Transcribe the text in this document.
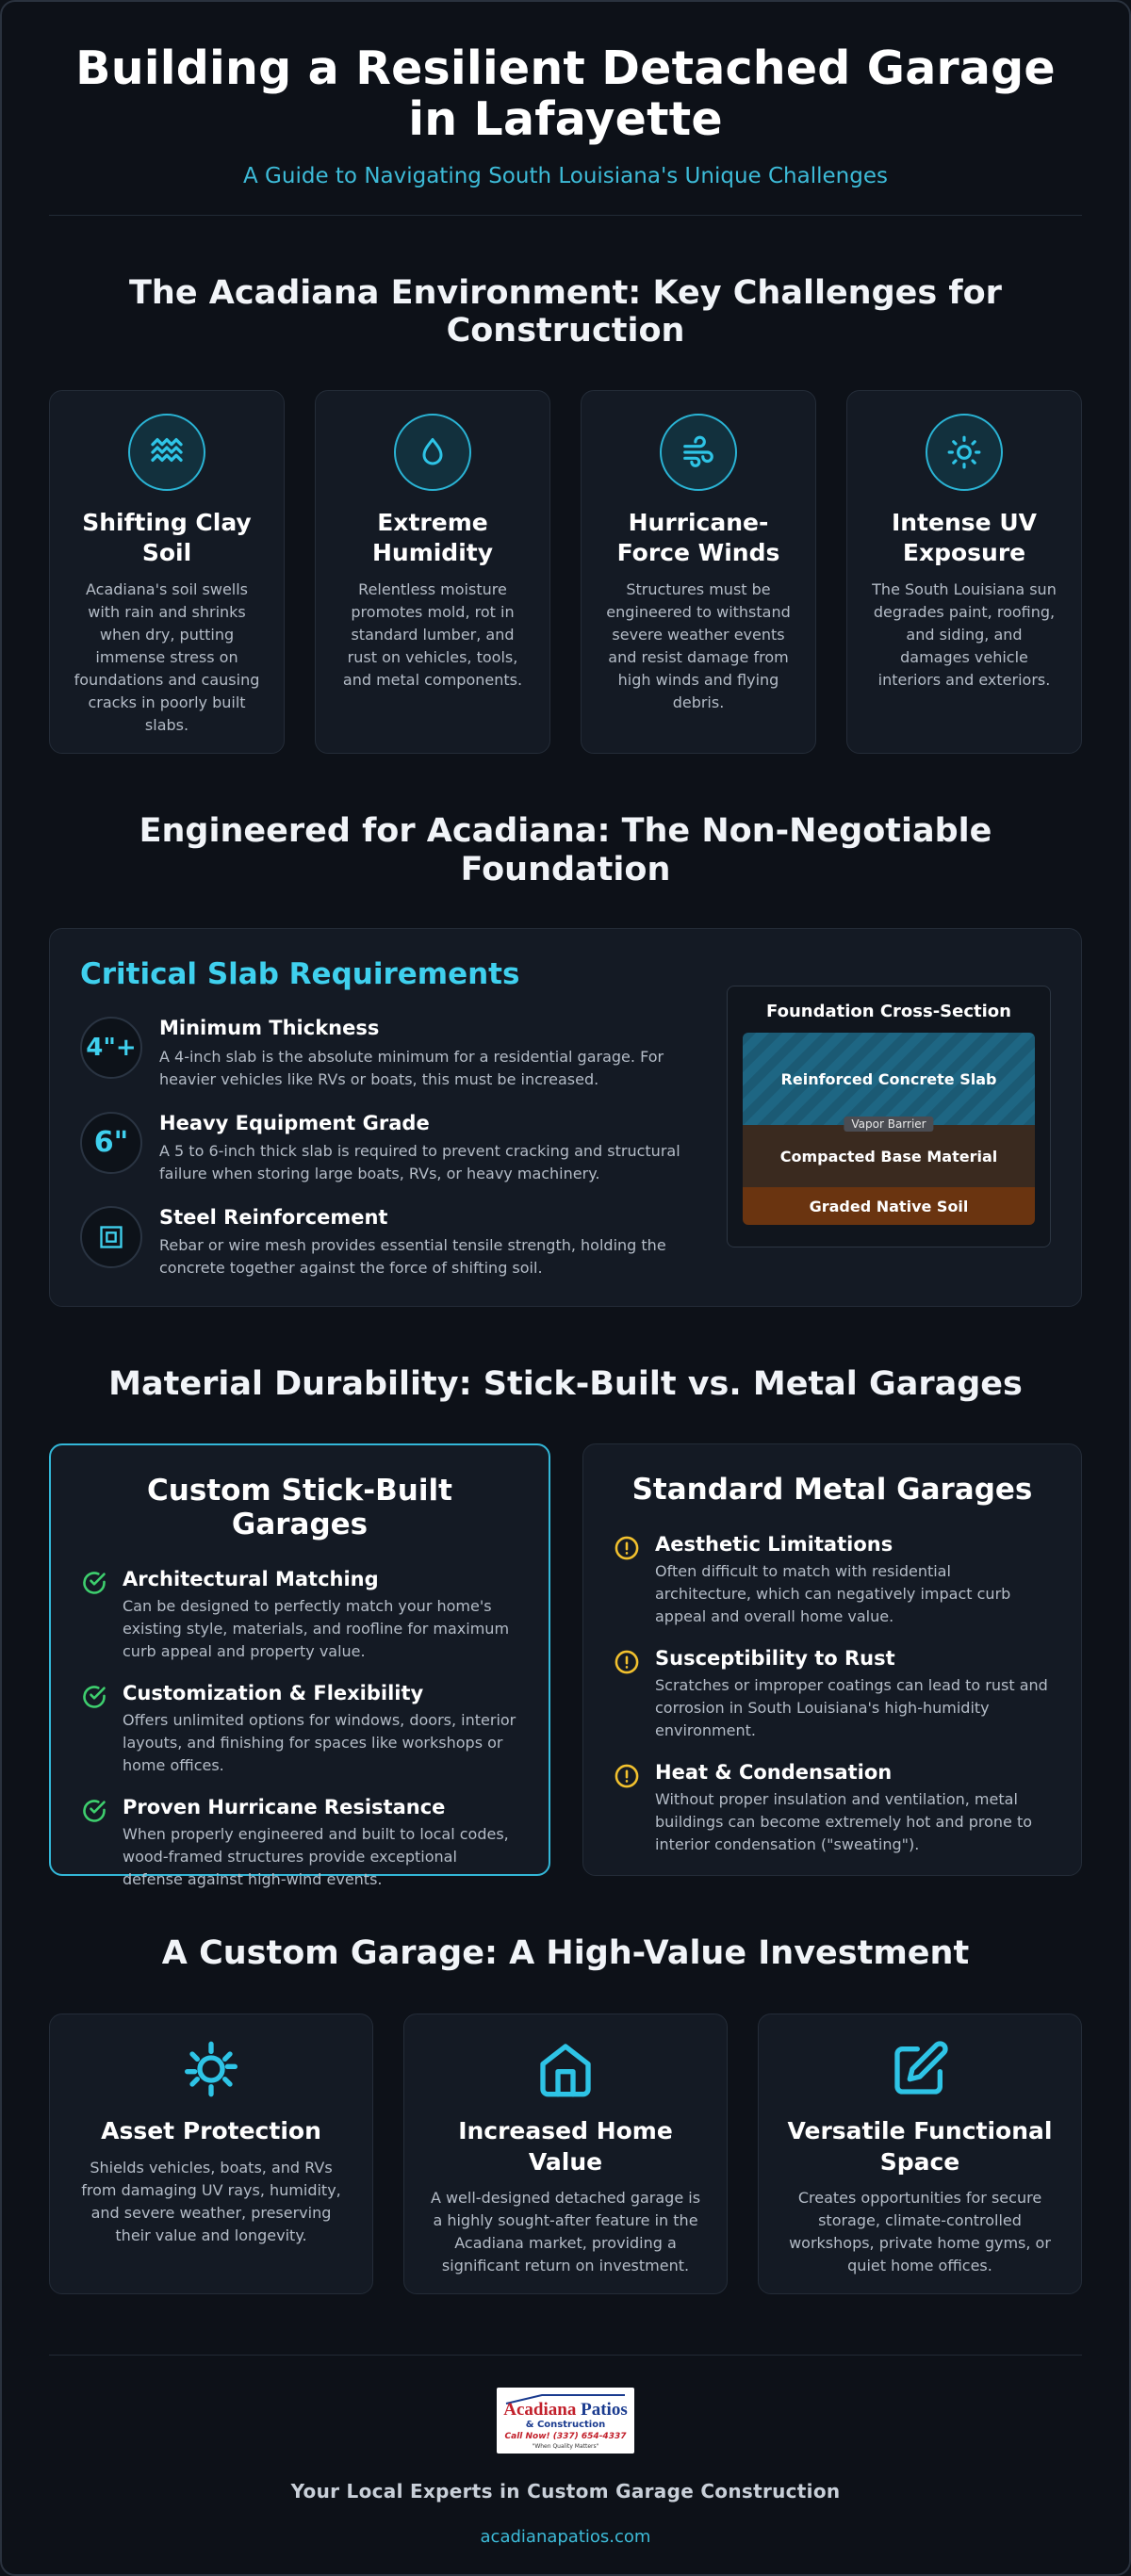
Building a Resilient Detached Garage in Lafayette
A Guide to Navigating South Louisiana's Unique Challenges
The Acadiana Environment: Key Challenges for Construction
Shifting Clay Soil
Acadiana's soil swells with rain and shrinks when dry, putting immense stress on foundations and causing cracks in poorly built slabs.
Extreme Humidity
Relentless moisture promotes mold, rot in standard lumber, and rust on vehicles, tools, and metal components.
Hurricane-Force Winds
Structures must be engineered to withstand severe weather events and resist damage from high winds and flying debris.
Intense UV Exposure
The South Louisiana sun degrades paint, roofing, and siding, and damages vehicle interiors and exteriors.
Engineered for Acadiana: The Non-Negotiable Foundation
Critical Slab Requirements
4"+
Minimum Thickness
A 4-inch slab is the absolute minimum for a residential garage. For heavier vehicles like RVs or boats, this must be increased.
6"
Heavy Equipment Grade
A 5 to 6-inch thick slab is required to prevent cracking and structural failure when storing large boats, RVs, or heavy machinery.
Steel Reinforcement
Rebar or wire mesh provides essential tensile strength, holding the concrete together against the force of shifting soil.
Foundation Cross-Section
Reinforced Concrete Slab
Vapor Barrier
Compacted Base Material
Graded Native Soil
Material Durability: Stick-Built vs. Metal Garages
Custom Stick-Built Garages
Architectural Matching
Can be designed to perfectly match your home's existing style, materials, and roofline for maximum curb appeal and property value.
Customization & Flexibility
Offers unlimited options for windows, doors, interior layouts, and finishing for spaces like workshops or home offices.
Proven Hurricane Resistance
When properly engineered and built to local codes, wood-framed structures provide exceptional defense against high-wind events.
Standard Metal Garages
Aesthetic Limitations
Often difficult to match with residential architecture, which can negatively impact curb appeal and overall home value.
Susceptibility to Rust
Scratches or improper coatings can lead to rust and corrosion in South Louisiana's high-humidity environment.
Heat & Condensation
Without proper insulation and ventilation, metal buildings can become extremely hot and prone to interior condensation ("sweating").
A Custom Garage: A High-Value Investment
Asset Protection
Shields vehicles, boats, and RVs from damaging UV rays, humidity, and severe weather, preserving their value and longevity.
Increased Home Value
A well-designed detached garage is a highly sought-after feature in the Acadiana market, providing a significant return on investment.
Versatile Functional Space
Creates opportunities for secure storage, climate-controlled workshops, private home gyms, or quiet home offices.
Acadiana Patios
& Construction
Call Now! (337) 654-4337
"When Quality Matters"
Your Local Experts in Custom Garage Construction
acadianapatios.com
